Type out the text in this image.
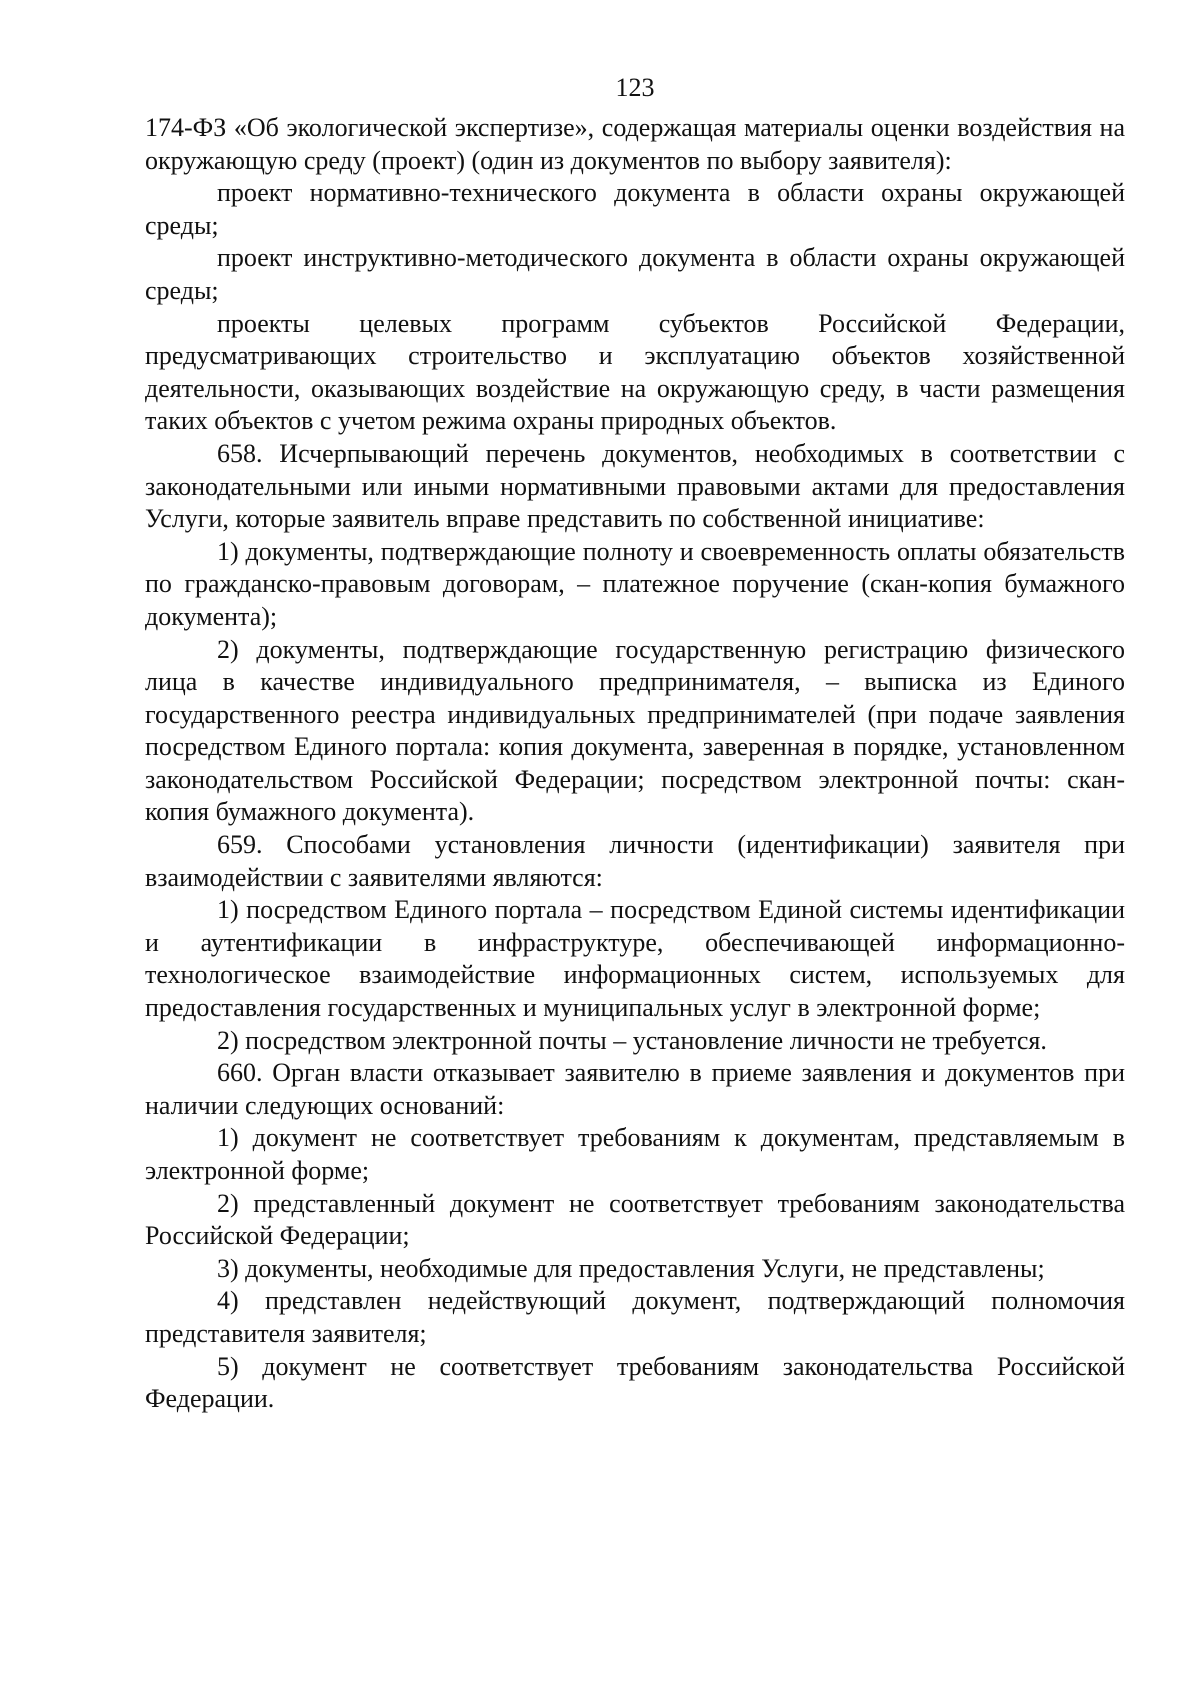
123

174-ФЗ «Об экологической экспертизе», содержащая материалы оценки воздействия на окружающую среду (проект) (один из документов по выбору заявителя):

проект нормативно-технического документа в области охраны окружающей среды;

проект инструктивно-методического документа в области охраны окружающей среды;

проекты целевых программ субъектов Российской Федерации, предусматривающих строительство и эксплуатацию объектов хозяйственной деятельности, оказывающих воздействие на окружающую среду, в части размещения таких объектов с учетом режима охраны природных объектов.

658. Исчерпывающий перечень документов, необходимых в соответствии с законодательными или иными нормативными правовыми актами для предоставления Услуги, которые заявитель вправе представить по собственной инициативе:

1) документы, подтверждающие полноту и своевременность оплаты обязательств по гражданско-правовым договорам, – платежное поручение (скан-копия бумажного документа);

2) документы, подтверждающие государственную регистрацию физического лица в качестве индивидуального предпринимателя, – выписка из Единого государственного реестра индивидуальных предпринимателей (при подаче заявления посредством Единого портала: копия документа, заверенная в порядке, установленном законодательством Российской Федерации; посредством электронной почты: скан-копия бумажного документа).

659. Способами установления личности (идентификации) заявителя при взаимодействии с заявителями являются:

1) посредством Единого портала – посредством Единой системы идентификации и аутентификации в инфраструктуре, обеспечивающей информационно-технологическое взаимодействие информационных систем, используемых для предоставления государственных и муниципальных услуг в электронной форме;

2) посредством электронной почты – установление личности не требуется.

660. Орган власти отказывает заявителю в приеме заявления и документов при наличии следующих оснований:

1) документ не соответствует требованиям к документам, представляемым в электронной форме;

2) представленный документ не соответствует требованиям законодательства Российской Федерации;

3) документы, необходимые для предоставления Услуги, не представлены;

4) представлен недействующий документ, подтверждающий полномочия представителя заявителя;

5) документ не соответствует требованиям законодательства Российской Федерации.
